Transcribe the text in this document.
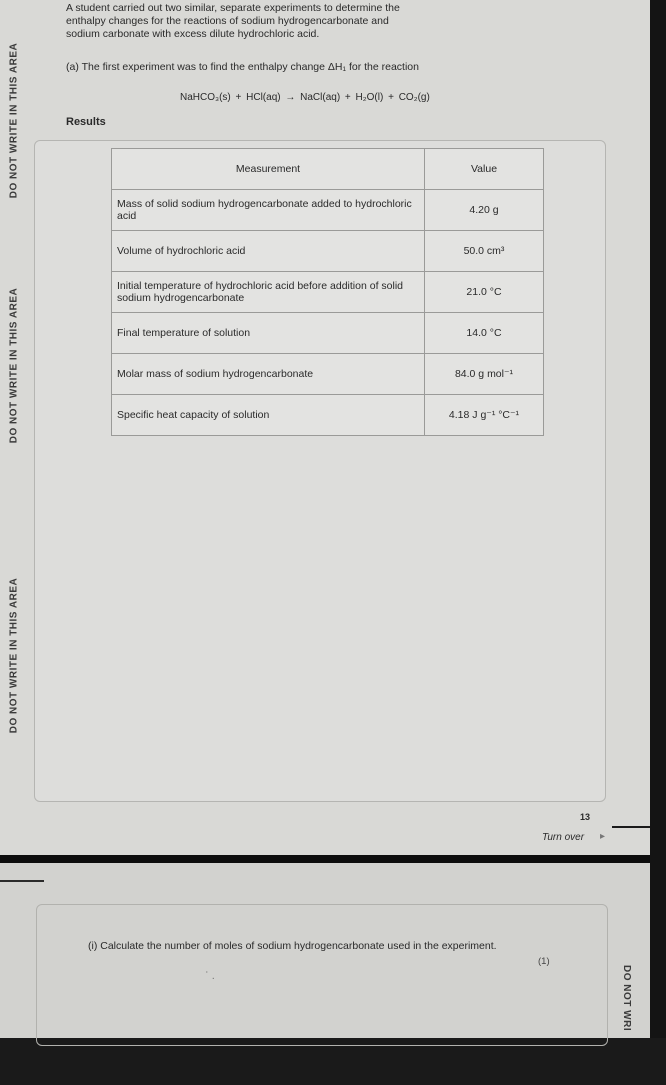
DO NOT WRITE IN THIS AREA
DO NOT WRITE IN THIS AREA
DO NOT WRITE IN THIS AREA
A student carried out two similar, separate experiments to determine the
enthalpy changes for the reactions of sodium hydrogencarbonate and
sodium carbonate with excess dilute hydrochloric acid.
(a) The first experiment was to find the enthalpy change ΔH₁ for the reaction
NaHCO₃(s) + HCl(aq) → NaCl(aq) + H₂O(l) + CO₂(g)
Results
Measurement	Value
Mass of solid sodium hydrogencarbonate added to hydrochloric acid	4.20 g
Volume of hydrochloric acid	50.0 cm³
Initial temperature of hydrochloric acid before addition of solid sodium hydrogencarbonate	21.0 °C
Final temperature of solution	14.0 °C
Molar mass of sodium hydrogencarbonate	84.0 g mol⁻¹
Specific heat capacity of solution	4.18 J g⁻¹ °C⁻¹
13
Turn over ▸
(i) Calculate the number of moles of sodium hydrogencarbonate used in the experiment.
(1)
ʿ .	DO NOT WRI
